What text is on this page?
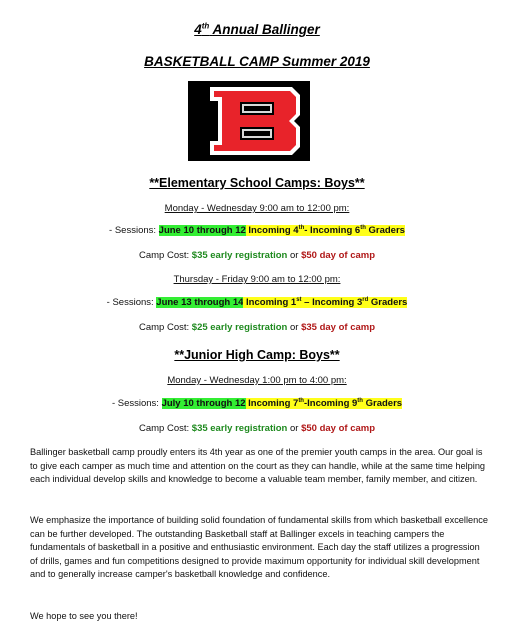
4th Annual Ballinger
BASKETBALL CAMP Summer 2019
**Elementary School Camps: Boys**
Monday - Wednesday 9:00 am to 12:00 pm:
- Sessions: June 10 through 12 Incoming 4th- Incoming 6th Graders
Camp Cost: $35 early registration or $50 day of camp
Thursday - Friday 9:00 am to 12:00 pm:
- Sessions: June 13 through 14 Incoming 1st – Incoming 3rd Graders
Camp Cost: $25 early registration or $35 day of camp
**Junior High Camp: Boys**
Monday - Wednesday 1:00 pm to 4:00 pm:
- Sessions: July 10 through 12 Incoming 7th-Incoming 9th Graders
Camp Cost: $35 early registration or $50 day of camp
Ballinger basketball camp proudly enters its 4th year as one of the premier youth camps in the area. Our goal is to give each camper as much time and attention on the court as they can handle, while at the same time helping each individual develop skills and knowledge to become a valuable team member, family member, and citizen.
We emphasize the importance of building solid foundation of fundamental skills from which basketball excellence can be further developed. The outstanding Basketball staff at Ballinger excels in teaching campers the fundamentals of basketball in a positive and enthusiastic environment. Each day the staff utilizes a progression of drills, games and fun competitions designed to provide maximum opportunity for individual skill development and to generally increase camper's basketball knowledge and confidence.
We hope to see you there!
